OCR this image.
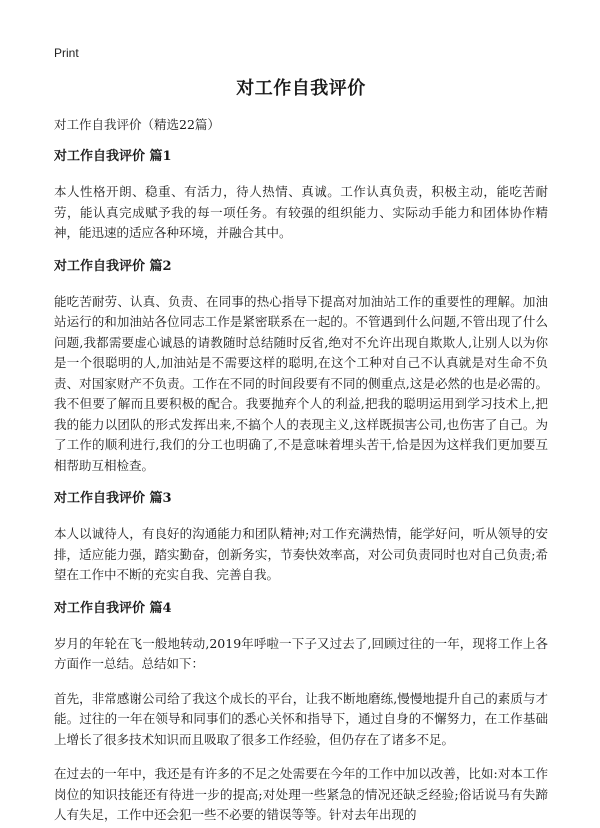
Print
对工作自我评价

对工作自我评价（精选22篇）

对工作自我评价 篇1

本人性格开朗、稳重、有活力，待人热情、真诚。工作认真负责，积极主动，能吃苦耐劳，能认真完成赋予我的每一项任务。有较强的组织能力、实际动手能力和团体协作精神，能迅速的适应各种环境，并融合其中。

对工作自我评价 篇2

能吃苦耐劳、认真、负责、在同事的热心指导下提高对加油站工作的重要性的理解。加油站运行的和加油站各位同志工作是紧密联系在一起的。不管遇到什么问题,不管出现了什么问题,我都需要虚心诚恳的请教随时总结随时反省,绝对不允许出现自欺欺人,让别人以为你是一个很聪明的人,加油站是不需要这样的聪明,在这个工种对自己不认真就是对生命不负责、对国家财产不负责。工作在不同的时间段要有不同的侧重点,这是必然的也是必需的。我不但要了解而且要积极的配合。我要抛弃个人的利益,把我的聪明运用到学习技术上,把我的能力以团队的形式发挥出来,不搞个人的表现主义,这样既损害公司,也伤害了自己。为了工作的顺利进行,我们的分工也明确了,不是意味着埋头苦干,恰是因为这样我们更加要互相帮助互相检查。

对工作自我评价 篇3

本人以诚待人，有良好的沟通能力和团队精神;对工作充满热情，能学好问，听从领导的安排，适应能力强，踏实勤奋，创新务实，节奏快效率高，对公司负责同时也对自己负责;希望在工作中不断的充实自我、完善自我。

对工作自我评价 篇4

岁月的年轮在飞一般地转动,2019年呼啦一下子又过去了,回顾过往的一年，现将工作上各方面作一总结。总结如下：

首先，非常感谢公司给了我这个成长的平台，让我不断地磨练,慢慢地提升自己的素质与才能。过往的一年在领导和同事们的悉心关怀和指导下，通过自身的不懈努力，在工作基础上增长了很多技术知识而且吸取了很多工作经验，但仍存在了诸多不足。

在过去的一年中，我还是有许多的不足之处需要在今年的工作中加以改善，比如:对本工作岗位的知识技能还有待进一步的提高;对处理一些紧急的情况还缺乏经验;俗话说马有失蹄人有失足，工作中还会犯一些不必要的错误等等。针对去年出现的
